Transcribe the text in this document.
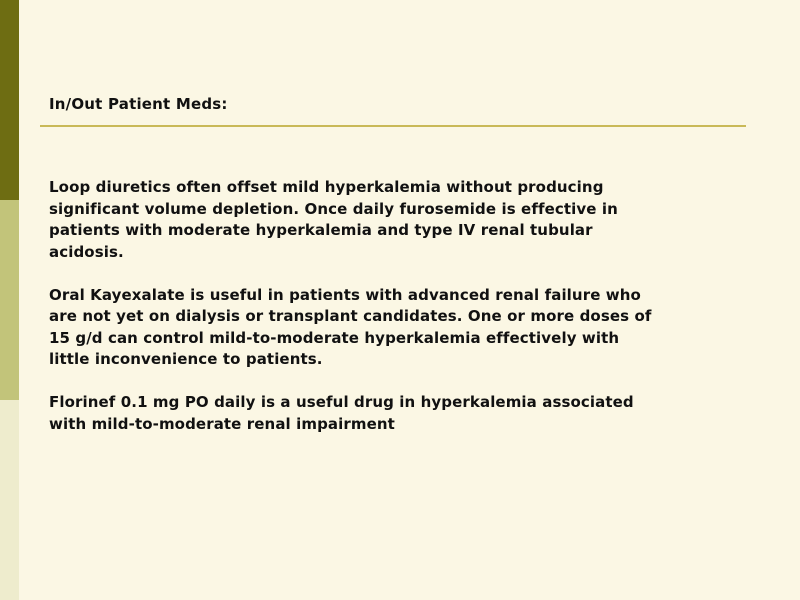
In/Out Patient Meds:

Loop diuretics often offset mild hyperkalemia without producing
significant volume depletion. Once daily furosemide is effective in
patients with moderate hyperkalemia and type IV renal tubular
acidosis.

Oral Kayexalate is useful in patients with advanced renal failure who
are not yet on dialysis or transplant candidates. One or more doses of
15 g/d can control mild-to-moderate hyperkalemia effectively with
little inconvenience to patients.

Florinef 0.1 mg PO daily is a useful drug in hyperkalemia associated
with mild-to-moderate renal impairment
